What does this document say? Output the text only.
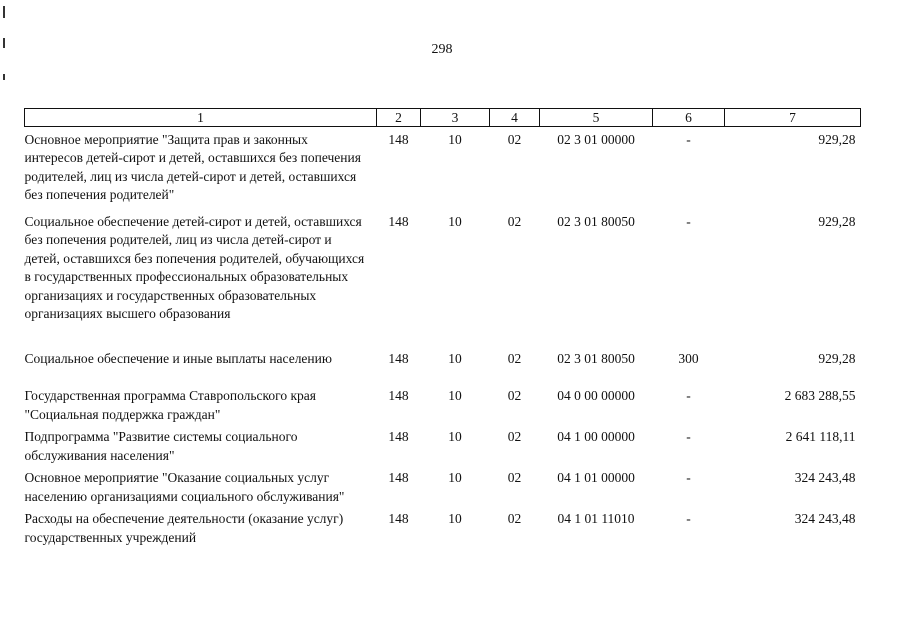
298
1	2	3	4	5	6	7

Основное мероприятие "Защита прав и законных интересов детей-сирот и детей, оставшихся без попечения родителей, лиц из числа детей-сирот и детей, оставшихся без попечения родителей"	148	10	02	02 3 01 00000	-	929,28

Социальное обеспечение детей-сирот и детей, оставшихся без попечения родителей, лиц из числа детей-сирот и детей, оставшихся без попечения родителей, обучающихся в государственных профессиональных образовательных организациях и государственных образовательных организациях высшего образования	148	10	02	02 3 01 80050	-	929,28

Социальное обеспечение и иные выплаты населению	148	10	02	02 3 01 80050	300	929,28

Государственная программа Ставропольского края "Социальная поддержка граждан"	148	10	02	04 0 00 00000	-	2 683 288,55

Подпрограмма "Развитие системы социального обслуживания населения"	148	10	02	04 1 00 00000	-	2 641 118,11

Основное мероприятие "Оказание социальных услуг населению организациями социального обслуживания"	148	10	02	04 1 01 00000	-	324 243,48

Расходы на обеспечение деятельности (оказание услуг) государственных учреждений	148	10	02	04 1 01 11010	-	324 243,48
